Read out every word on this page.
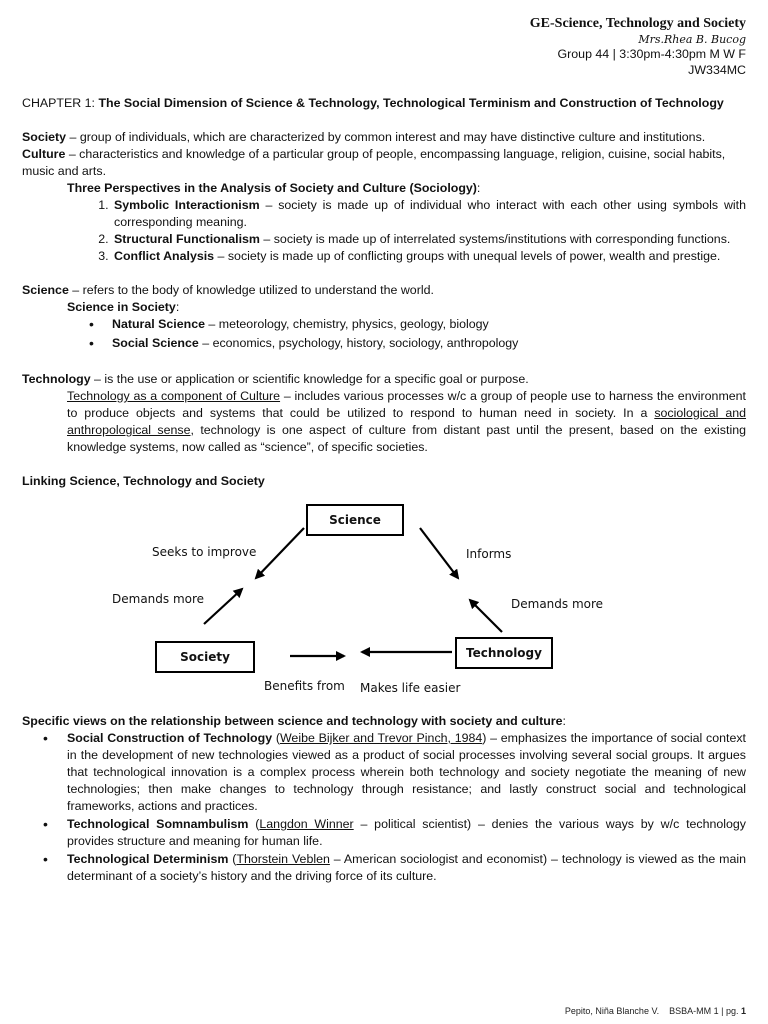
GE-Science, Technology and Society
Mrs.Rhea B. Bucog
Group 44 | 3:30pm-4:30pm M W F
JW334MC

CHAPTER 1: The Social Dimension of Science & Technology, Technological Terminism and Construction of Technology

Society – group of individuals, which are characterized by common interest and may have distinctive culture and institutions.

Culture – characteristics and knowledge of a particular group of people, encompassing language, religion, cuisine, social habits, music and arts.

Three Perspectives in the Analysis of Society and Culture (Sociology):

1. Symbolic Interactionism – society is made up of individual who interact with each other using symbols with corresponding meaning.
2. Structural Functionalism – society is made up of interrelated systems/institutions with corresponding functions.
3. Conflict Analysis – society is made up of conflicting groups with unequal levels of power, wealth and prestige.

Science – refers to the body of knowledge utilized to understand the world.

Science in Society:

• Natural Science – meteorology, chemistry, physics, geology, biology
• Social Science – economics, psychology, history, sociology, anthropology

Technology – is the use or application or scientific knowledge for a specific goal or purpose.

Technology as a component of Culture – includes various processes w/c a group of people use to harness the environment to produce objects and systems that could be utilized to respond to human need in society. In a sociological and anthropological sense, technology is one aspect of culture from distant past until the present, based on the existing knowledge systems, now called as “science”, of specific societies.

Linking Science, Technology and Society

Science
Society	Technology
Seeks to improve	Informs
Demands more	Demands more
Benefits from Makes life easier

Specific views on the relationship between science and technology with society and culture:

• Social Construction of Technology (Weibe Bijker and Trevor Pinch, 1984) – emphasizes the importance of social context in the development of new technologies viewed as a product of social processes involving several social groups. It argues that technological innovation is a complex process wherein both technology and society negotiate the meaning of new technologies; then make changes to technology through resistance; and lastly construct social and technological frameworks, actions and practices.
• Technological Somnambulism (Langdon Winner – political scientist) – denies the various ways by w/c technology provides structure and meaning for human life.
• Technological Determinism (Thorstein Veblen – American sociologist and economist) – technology is viewed as the main determinant of a society’s history and the driving force of its culture.
Pepito, Niña Blanche V.    BSBA-MM 1 | pg. 1
